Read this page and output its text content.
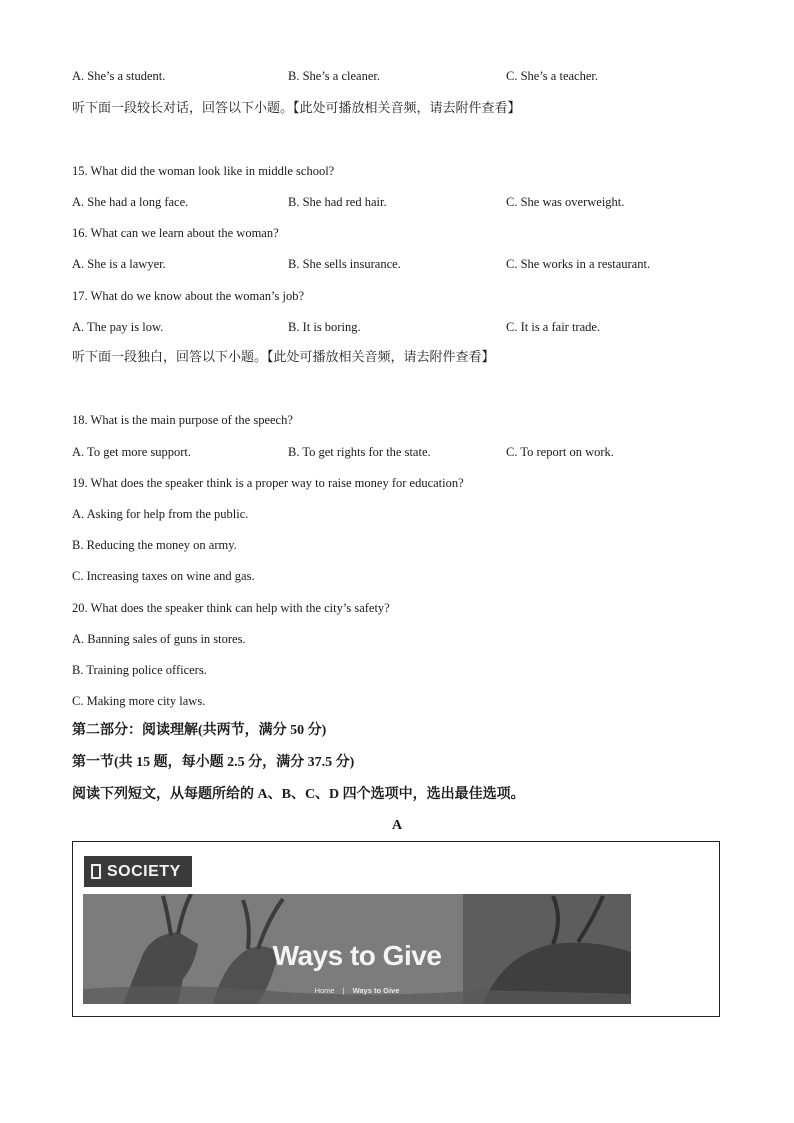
A. She’s a student.	B. She’s a cleaner.	C. She’s a teacher.
听下面一段较长对话，回答以下小题。【此处可播放相关音频，请去附件查看】
15. What did the woman look like in middle school?
A. She had a long face.	B. She had red hair.	C. She was overweight.
16. What can we learn about the woman?
A. She is a lawyer.	B. She sells insurance.	C. She works in a restaurant.
17. What do we know about the woman’s job?
A. The pay is low.	B. It is boring.	C. It is a fair trade.
听下面一段独白，回答以下小题。【此处可播放相关音频，请去附件查看】
18. What is the main purpose of the speech?
A. To get more support.	B. To get rights for the state.	C. To report on work.
19. What does the speaker think is a proper way to raise money for education?
A. Asking for help from the public.
B. Reducing the money on army.
C. Increasing taxes on wine and gas.
20. What does the speaker think can help with the city’s safety?
A. Banning sales of guns in stores.
B. Training police officers.
C. Making more city laws.
第二部分：阅读理解(共两节，满分 50 分)
第一节(共 15 题，每小题 2.5 分，满分 37.5 分)
阅读下列短文，从每题所给的 A、B、C、D 四个选项中，选出最佳选项。
A
SOCIETY
Ways to Give
Home | Ways to Give
